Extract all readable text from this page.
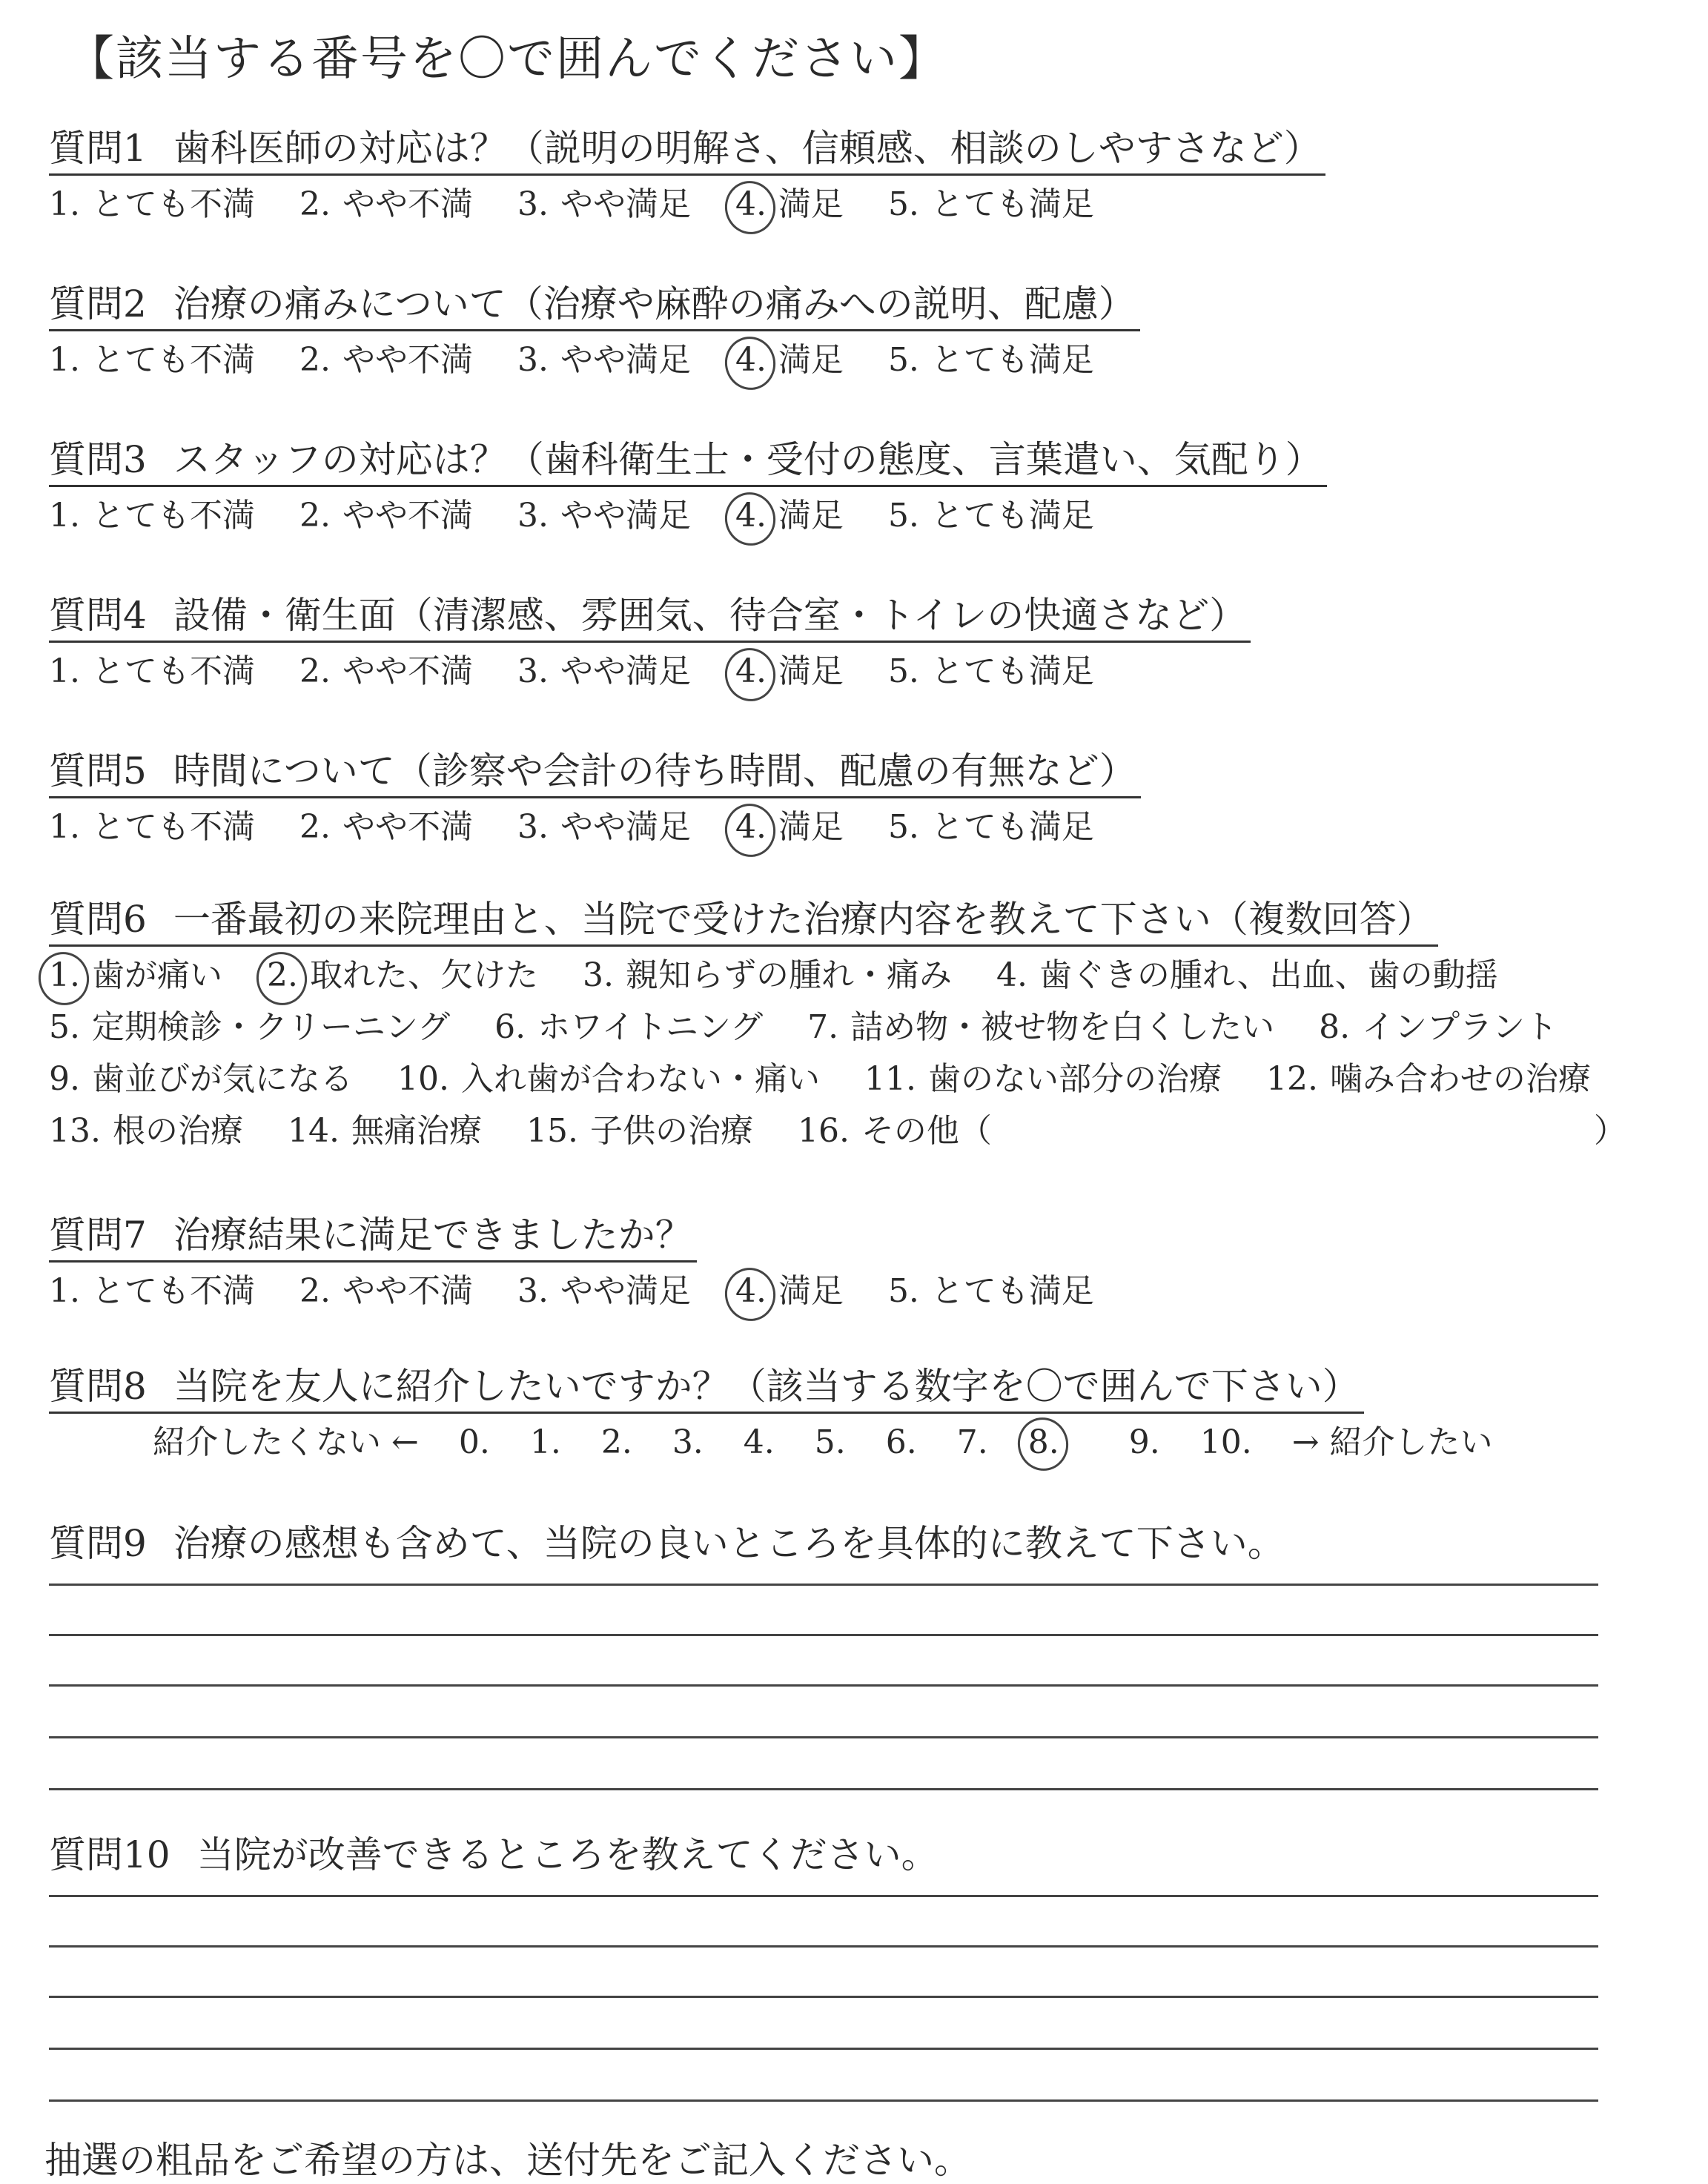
【該当する番号を〇で囲んでください】
質問1 歯科医師の対応は？（説明の明解さ、信頼感、相談のしやすさなど）
1. とても不満 2. やや不満 3. やや満足 4. 満足 5. とても満足
質問2 治療の痛みについて（治療や麻酔の痛みへの説明、配慮）
1. とても不満 2. やや不満 3. やや満足 4. 満足 5. とても満足
質問3 スタッフの対応は？（歯科衛生士・受付の態度、言葉遣い、気配り）
1. とても不満 2. やや不満 3. やや満足 4. 満足 5. とても満足
質問4 設備・衛生面（清潔感、雰囲気、待合室・トイレの快適さなど）
1. とても不満 2. やや不満 3. やや満足 4. 満足 5. とても満足
質問5 時間について（診察や会計の待ち時間、配慮の有無など）
1. とても不満 2. やや不満 3. やや満足 4. 満足 5. とても満足
質問6 一番最初の来院理由と、当院で受けた治療内容を教えて下さい（複数回答）
1. 歯が痛い 2. 取れた、欠けた 3. 親知らずの腫れ・痛み 4. 歯ぐきの腫れ、出血、歯の動揺
5. 定期検診・クリーニング 6. ホワイトニング 7. 詰め物・被せ物を白くしたい 8. インプラント
9. 歯並びが気になる 10. 入れ歯が合わない・痛い 11. 歯のない部分の治療 12. 噛み合わせの治療
13. 根の治療 14. 無痛治療 15. 子供の治療 16. その他（	）
質問7 治療結果に満足できましたか？
1. とても不満 2. やや不満 3. やや満足 4. 満足 5. とても満足
質問8 当院を友人に紹介したいですか？（該当する数字を〇で囲んで下さい）
紹介したくない ← 0. 1. 2. 3. 4. 5. 6. 7. 8. 9. 10. → 紹介したい
質問9 治療の感想も含めて、当院の良いところを具体的に教えて下さい。
質問10 当院が改善できるところを教えてください。
抽選の粗品をご希望の方は、送付先をご記入ください。
